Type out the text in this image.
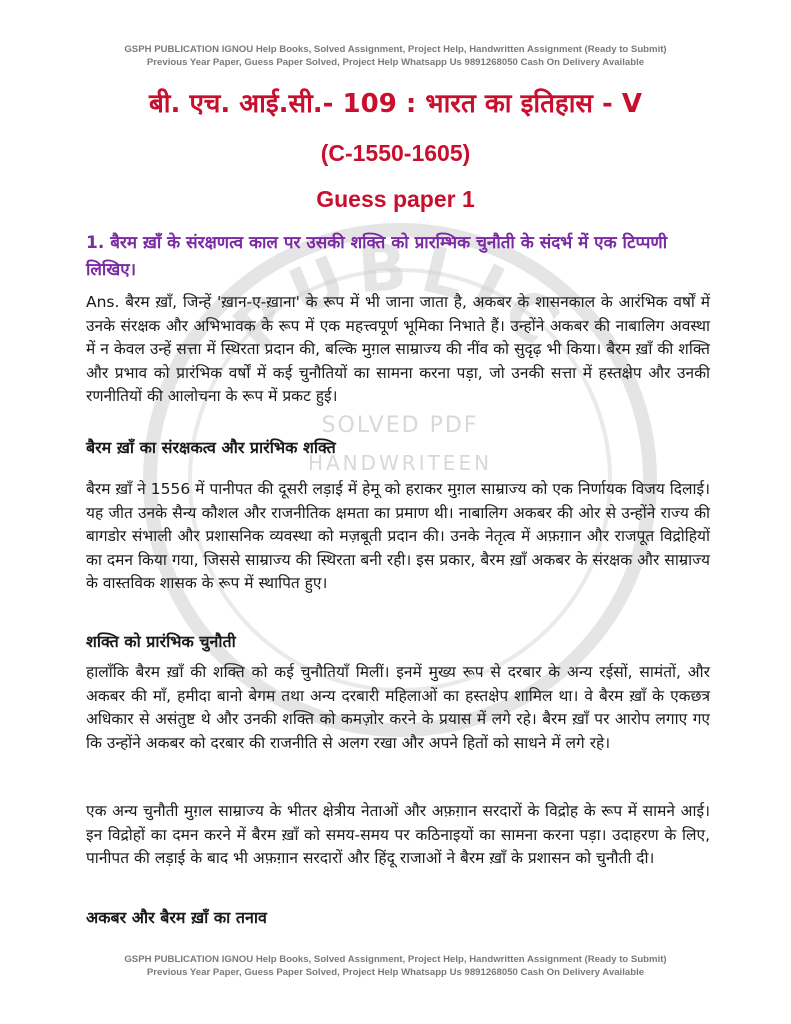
PUBLIC
SOLVED PDF
HANDWRITEEN
GSPH PUBLICATION IGNOU Help Books, Solved Assignment, Project Help, Handwritten Assignment (Ready to Submit)
Previous Year Paper, Guess Paper Solved, Project Help Whatsapp Us 9891268050 Cash On Delivery Available
बी. एच. आई.सी.- 109 : भारत का इतिहास - V
(C-1550-1605)
Guess paper 1
1. बैरम ख़ाँ के संरक्षणत्व काल पर उसकी शक्ति को प्रारम्भिक चुनौती के संदर्भ में एक टिप्पणी लिखिए।

Ans. बैरम ख़ाँ, जिन्हें 'ख़ान-ए-ख़ाना' के रूप में भी जाना जाता है, अकबर के शासनकाल के आरंभिक वर्षों में उनके संरक्षक और अभिभावक के रूप में एक महत्त्वपूर्ण भूमिका निभाते हैं। उन्होंने अकबर की नाबालिग अवस्था में न केवल उन्हें सत्ता में स्थिरता प्रदान की, बल्कि मुग़ल साम्राज्य की नींव को सुदृढ़ भी किया। बैरम ख़ाँ की शक्ति और प्रभाव को प्रारंभिक वर्षों में कई चुनौतियों का सामना करना पड़ा, जो उनकी सत्ता में हस्तक्षेप और उनकी रणनीतियों की आलोचना के रूप में प्रकट हुई।

बैरम ख़ाँ का संरक्षकत्व और प्रारंभिक शक्ति

बैरम ख़ाँ ने 1556 में पानीपत की दूसरी लड़ाई में हेमू को हराकर मुग़ल साम्राज्य को एक निर्णायक विजय दिलाई। यह जीत उनके सैन्य कौशल और राजनीतिक क्षमता का प्रमाण थी। नाबालिग अकबर की ओर से उन्होंने राज्य की बागडोर संभाली और प्रशासनिक व्यवस्था को मज़बूती प्रदान की। उनके नेतृत्व में अफ़ग़ान और राजपूत विद्रोहियों का दमन किया गया, जिससे साम्राज्य की स्थिरता बनी रही। इस प्रकार, बैरम ख़ाँ अकबर के संरक्षक और साम्राज्य के वास्तविक शासक के रूप में स्थापित हुए।

शक्ति को प्रारंभिक चुनौती

हालाँकि बैरम ख़ाँ की शक्ति को कई चुनौतियाँ मिलीं। इनमें मुख्य रूप से दरबार के अन्य रईसों, सामंतों, और अकबर की माँ, हमीदा बानो बेगम तथा अन्य दरबारी महिलाओं का हस्तक्षेप शामिल था। वे बैरम ख़ाँ के एकछत्र अधिकार से असंतुष्ट थे और उनकी शक्ति को कमज़ोर करने के प्रयास में लगे रहे। बैरम ख़ाँ पर आरोप लगाए गए कि उन्होंने अकबर को दरबार की राजनीति से अलग रखा और अपने हितों को साधने में लगे रहे।

एक अन्य चुनौती मुग़ल साम्राज्य के भीतर क्षेत्रीय नेताओं और अफ़ग़ान सरदारों के विद्रोह के रूप में सामने आई। इन विद्रोहों का दमन करने में बैरम ख़ाँ को समय-समय पर कठिनाइयों का सामना करना पड़ा। उदाहरण के लिए, पानीपत की लड़ाई के बाद भी अफ़ग़ान सरदारों और हिंदू राजाओं ने बैरम ख़ाँ के प्रशासन को चुनौती दी।

अकबर और बैरम ख़ाँ का तनाव
GSPH PUBLICATION IGNOU Help Books, Solved Assignment, Project Help, Handwritten Assignment (Ready to Submit)
Previous Year Paper, Guess Paper Solved, Project Help Whatsapp Us 9891268050 Cash On Delivery Available
